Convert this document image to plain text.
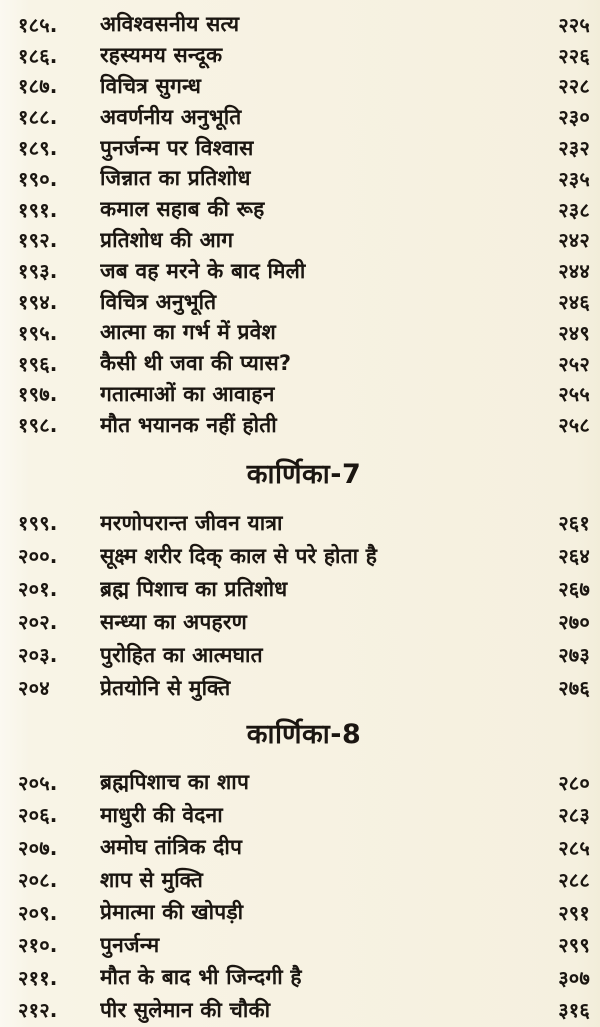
१८५.	अविश्वसनीय सत्य	२२५
१८६.	रहस्यमय सन्दूक	२२६
१८७.	विचित्र सुगन्ध	२२८
१८८.	अवर्णनीय अनुभूति	२३०
१८९.	पुनर्जन्म पर विश्वास	२३२
१९०.	जिन्नात का प्रतिशोध	२३५
१९१.	कमाल सहाब की रूह	२३८
१९२.	प्रतिशोध की आग	२४२
१९३.	जब वह मरने के बाद मिली	२४४
१९४.	विचित्र अनुभूति	२४६
१९५.	आत्मा का गर्भ में प्रवेश	२४९
१९६.	कैसी थी जवा की प्यास?	२५२
१९७.	गतात्माओं का आवाहन	२५५
१९८.	मौत भयानक नहीं होती	२५८
कार्णिका-7
१९९.	मरणोपरान्त जीवन यात्रा	२६१
२००.	सूक्ष्म शरीर दिक् काल से परे होता है	२६४
२०१.	ब्रह्म पिशाच का प्रतिशोध	२६७
२०२.	सन्ध्या का अपहरण	२७०
२०३.	पुरोहित का आत्मघात	२७३
२०४	प्रेतयोनि से मुक्ति	२७६
कार्णिका-8
२०५.	ब्रह्मपिशाच का शाप	२८०
२०६.	माधुरी की वेदना	२८३
२०७.	अमोघ तांत्रिक दीप	२८५
२०८.	शाप से मुक्ति	२८८
२०९.	प्रेमात्मा की खोपड़ी	२९१
२१०.	पुनर्जन्म	२९९
२११.	मौत के बाद भी जिन्दगी है	३०७
२१२.	पीर सुलेमान की चौकी	३१६
